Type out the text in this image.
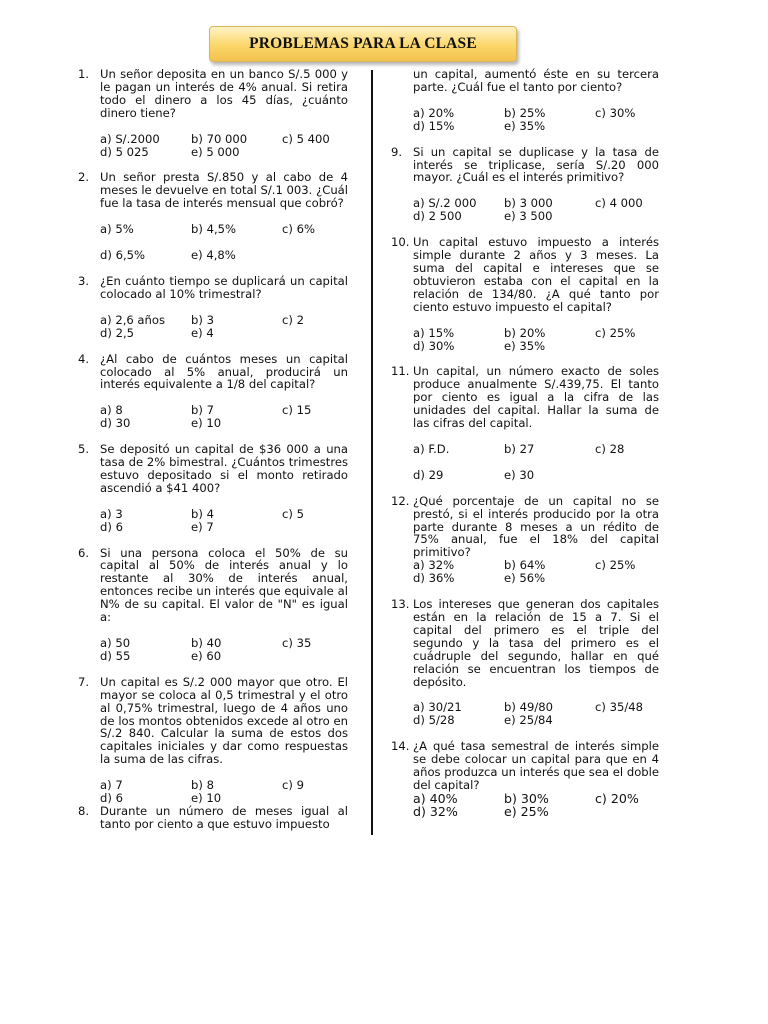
PROBLEMAS PARA LA CLASE
1. Un señor deposita en un banco S/.5 000 y le pagan un interés de 4% anual. Si retira todo el dinero a los 45 días, ¿cuánto dinero tiene?
a) S/.2000	b) 70 000	c) 5 400
d) 5 025	e) 5 000
2. Un señor presta S/.850 y al cabo de 4 meses le devuelve en total S/.1 003. ¿Cuál fue la tasa de interés mensual que cobró?
a) 5%	b) 4,5%	c) 6%
d) 6,5%	e) 4,8%
3. ¿En cuánto tiempo se duplicará un capital colocado al 10% trimestral?
a) 2,6 años	b) 3	c) 2
d) 2,5	e) 4
4. ¿Al cabo de cuántos meses un capital colocado al 5% anual, producirá un interés equivalente a 1/8 del capital?
a) 8	b) 7	c) 15
d) 30	e) 10
5. Se depositó un capital de $36 000 a una tasa de 2% bimestral. ¿Cuántos trimestres estuvo depositado si el monto retirado ascendió a $41 400?
a) 3	b) 4	c) 5
d) 6	e) 7
6. Si una persona coloca el 50% de su capital al 50% de interés anual y lo restante al 30% de interés anual, entonces recibe un interés que equivale al N% de su capital. El valor de "N" es igual a:
a) 50	b) 40	c) 35
d) 55	e) 60
7. Un capital es S/.2 000 mayor que otro. El mayor se coloca al 0,5 trimestral y el otro al 0,75% trimestral, luego de 4 años uno de los montos obtenidos excede al otro en S/.2 840. Calcular la suma de estos dos capitales iniciales y dar como respuestas la suma de las cifras.
a) 7	b) 8	c) 9
d) 6	e) 10
8. Durante un número de meses igual al tanto por ciento a que estuvo impuesto
un capital, aumentó éste en su tercera parte. ¿Cuál fue el tanto por ciento?
a) 20%	b) 25%	c) 30%
d) 15%	e) 35%
9. Si un capital se duplicase y la tasa de interés se triplicase, sería S/.20 000 mayor. ¿Cuál es el interés primitivo?
a) S/.2 000	b) 3 000	c) 4 000
d) 2 500	e) 3 500
10. Un capital estuvo impuesto a interés simple durante 2 años y 3 meses. La suma del capital e intereses que se obtuvieron estaba con el capital en la relación de 134/80. ¿A qué tanto por ciento estuvo impuesto el capital?
a) 15%	b) 20%	c) 25%
d) 30%	e) 35%
11. Un capital, un número exacto de soles produce anualmente S/.439,75. El tanto por ciento es igual a la cifra de las unidades del capital. Hallar la suma de las cifras del capital.
a) F.D.	b) 27	c) 28
d) 29	e) 30
12. ¿Qué porcentaje de un capital no se prestó, si el interés producido por la otra parte durante 8 meses a un rédito de 75% anual, fue el 18% del capital primitivo?
a) 32%	b) 64%	c) 25%
d) 36%	e) 56%
13. Los intereses que generan dos capitales están en la relación de 15 a 7. Si el capital del primero es el triple del segundo y la tasa del primero es el cuádruple del segundo, hallar en qué relación se encuentran los tiempos de depósito.
a) 30/21	b) 49/80	c) 35/48
d) 5/28	e) 25/84
14. ¿A qué tasa semestral de interés simple se debe colocar un capital para que en 4 años produzca un interés que sea el doble del capital?
a) 40%	b) 30%	c) 20%
d) 32%	e) 25%
